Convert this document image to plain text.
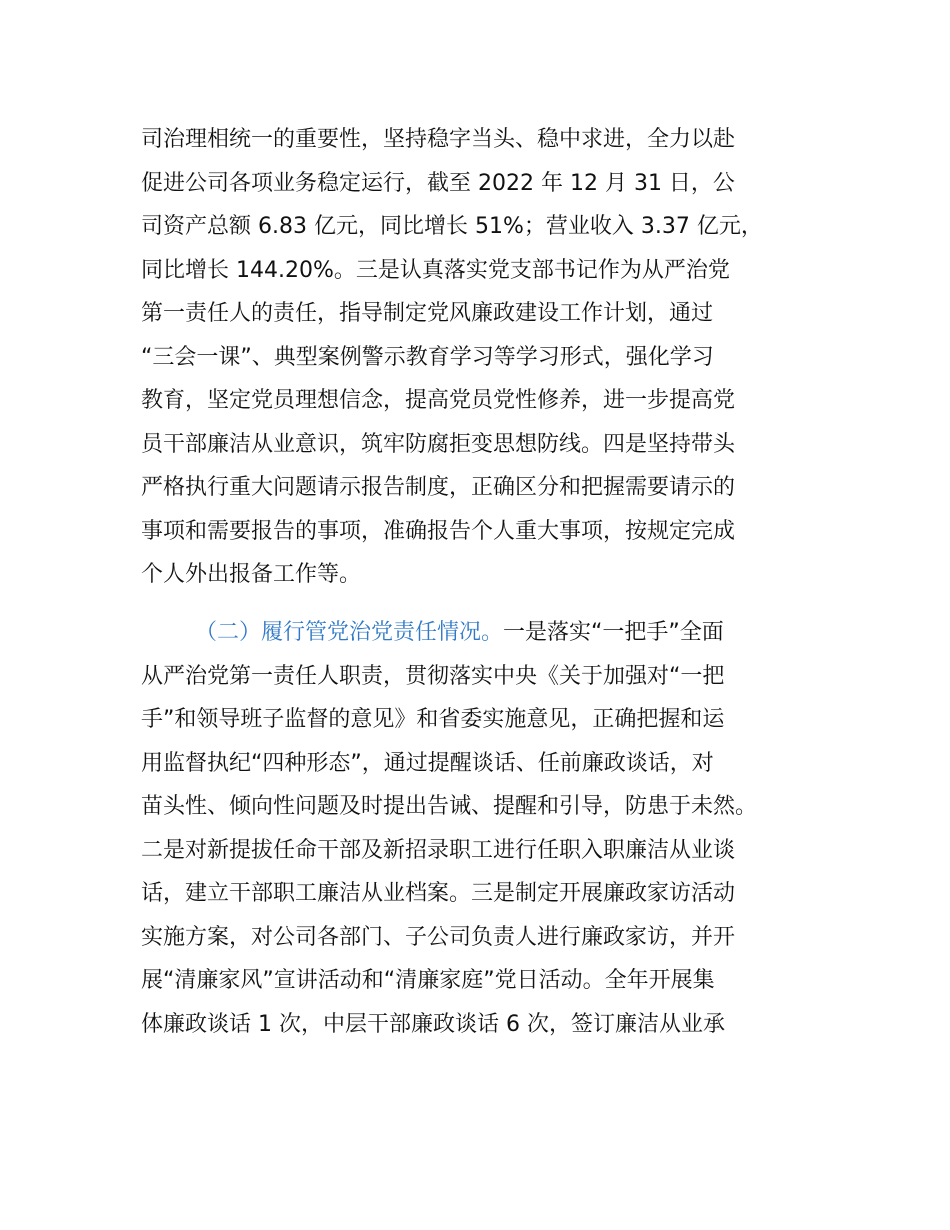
司治理相统一的重要性，坚持稳字当头、稳中求进，全力以赴
促进公司各项业务稳定运行，截至 2022 年 12 月 31 日，公
司资产总额 6.83 亿元，同比增长 51%；营业收入 3.37 亿元，
同比增长 144.20%。三是认真落实党支部书记作为从严治党
第一责任人的责任，指导制定党风廉政建设工作计划，通过
“三会一课”、典型案例警示教育学习等学习形式，强化学习
教育，坚定党员理想信念，提高党员党性修养，进一步提高党
员干部廉洁从业意识，筑牢防腐拒变思想防线。四是坚持带头
严格执行重大问题请示报告制度，正确区分和把握需要请示的
事项和需要报告的事项，准确报告个人重大事项，按规定完成
个人外出报备工作等。
（二）履行管党治党责任情况。一是落实“一把手”全面
从严治党第一责任人职责，贯彻落实中央《关于加强对“一把
手”和领导班子监督的意见》和省委实施意见，正确把握和运
用监督执纪“四种形态”，通过提醒谈话、任前廉政谈话，对
苗头性、倾向性问题及时提出告诫、提醒和引导，防患于未然。
二是对新提拔任命干部及新招录职工进行任职入职廉洁从业谈
话，建立干部职工廉洁从业档案。三是制定开展廉政家访活动
实施方案，对公司各部门、子公司负责人进行廉政家访，并开
展“清廉家风”宣讲活动和“清廉家庭”党日活动。全年开展集
体廉政谈话 1 次，中层干部廉政谈话 6 次，签订廉洁从业承
